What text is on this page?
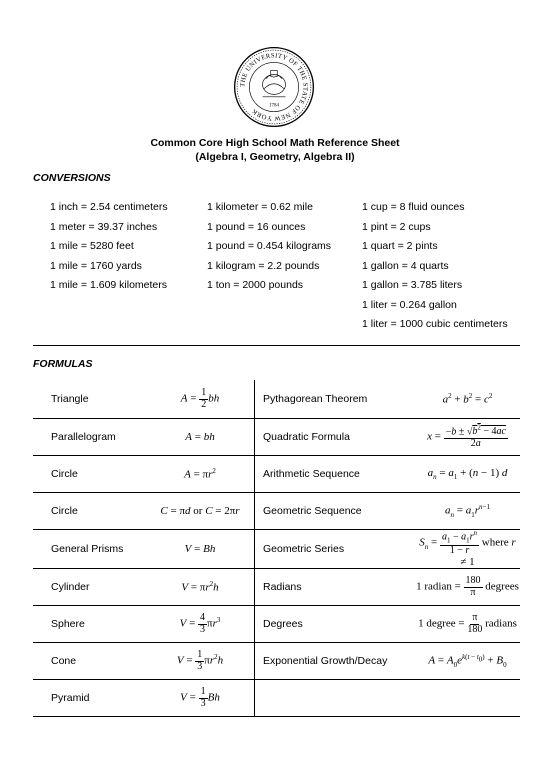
THE UNIVERSITY OF THE STATE OF NEW YORK
1784
Common Core High School Math Reference Sheet
(Algebra I, Geometry, Algebra II)
CONVERSIONS
1 inch = 2.54 centimeters
1 meter = 39.37 inches
1 mile = 5280 feet
1 mile = 1760 yards
1 mile = 1.609 kilometers
1 kilometer = 0.62 mile
1 pound = 16 ounces
1 pound = 0.454 kilograms
1 kilogram = 2.2 pounds
1 ton = 2000 pounds
1 cup = 8 fluid ounces
1 pint = 2 cups
1 quart = 2 pints
1 gallon = 4 quarts
1 gallon = 3.785 liters
1 liter = 0.264 gallon
1 liter = 1000 cubic centimeters
FORMULAS
Triangle	$A = \frac{1}{2}$ bh	Pythagorean Theorem	$a^2 + b^2 = c^2$
Parallelogram	A = bh	Quadratic Formula	$x = \frac{-b \pm √b^2 - 4ac}{2a}$

Circle	$A = \pi r^2$	Arithmetic Sequence	$a_n = a_1 + (n - 1)$ d
Circle	C = πd or C = 2πr	Geometric Sequence	$a_n = a_1r^{n-1}$
General Prisms	V = Bh	Geometric Series	$S_n = \frac{a_1 - a_1r^n}{1 - r}$ where r ≠ 1
Cylinder	$V = \pi r^2h$	Radians	1 radian = $\frac{180}{\pi}$ degrees
Sphere	$V = \frac{4}{3} \pi r^3$	Degrees	1 degree = $\frac{\pi}{180}$ radians
Cone	$V = \frac{1}{3} \pi r^2h$	Exponential Growth/Decay	$A = A_0e^{k(t - t_0)} + B_0$
Pyramid	$V = \frac{1}{3}$ Bh		
